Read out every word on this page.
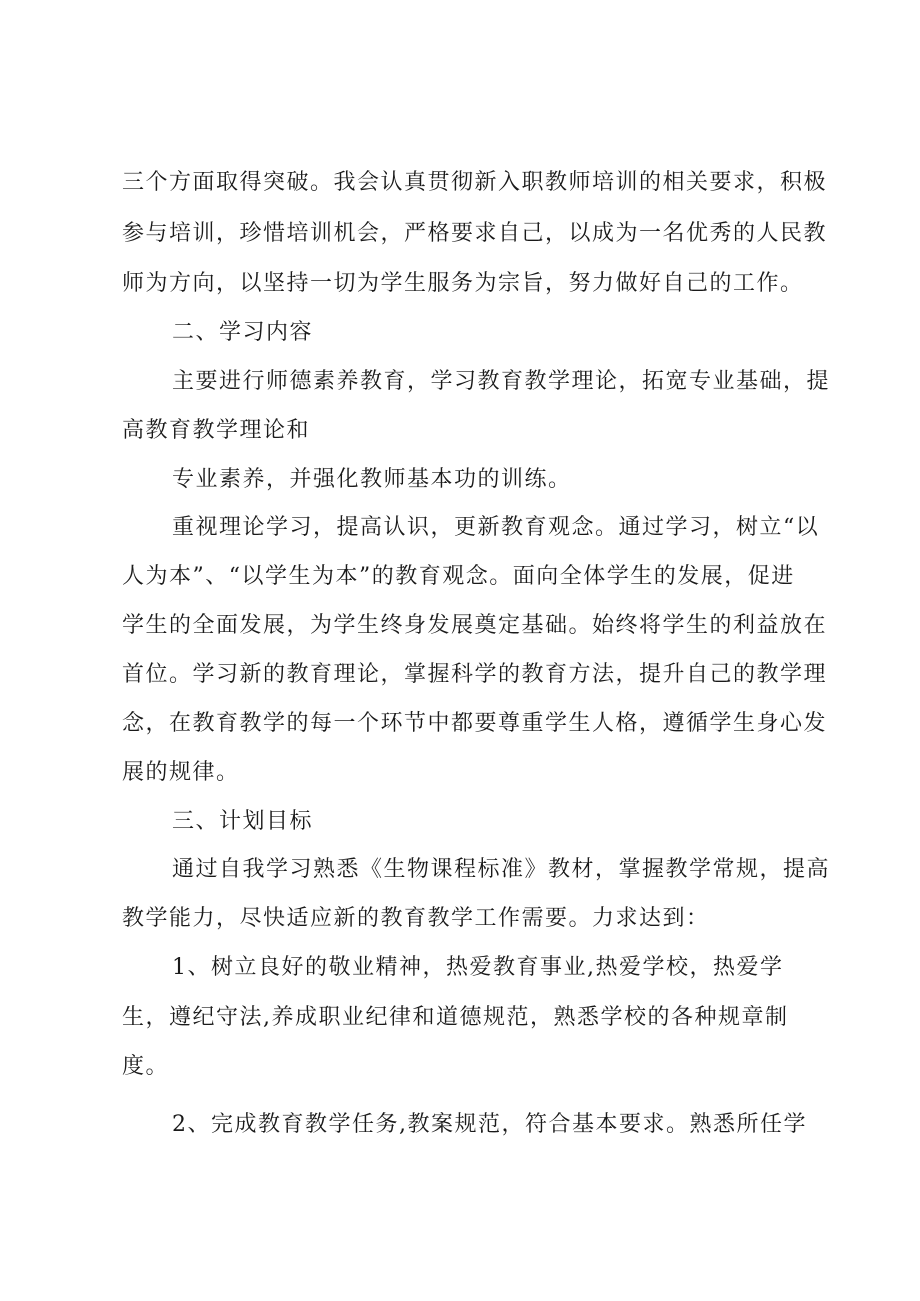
三个方面取得突破。我会认真贯彻新入职教师培训的相关要求，积极
参与培训，珍惜培训机会，严格要求自己，以成为一名优秀的人民教
师为方向，以坚持一切为学生服务为宗旨，努力做好自己的工作。
二、学习内容
主要进行师德素养教育，学习教育教学理论，拓宽专业基础，提
高教育教学理论和
专业素养，并强化教师基本功的训练。
重视理论学习，提高认识，更新教育观念。通过学习，树立“以
人为本”、“以学生为本”的教育观念。面向全体学生的发展，促进
学生的全面发展，为学生终身发展奠定基础。始终将学生的利益放在
首位。学习新的教育理论，掌握科学的教育方法，提升自己的教学理
念，在教育教学的每一个环节中都要尊重学生人格，遵循学生身心发
展的规律。
三、计划目标
通过自我学习熟悉《生物课程标准》教材，掌握教学常规，提高
教学能力，尽快适应新的教育教学工作需要。力求达到：
1、树立良好的敬业精神，热爱教育事业,热爱学校，热爱学
生，遵纪守法,养成职业纪律和道德规范，熟悉学校的各种规章制
度。
2、完成教育教学任务,教案规范，符合基本要求。熟悉所任学
